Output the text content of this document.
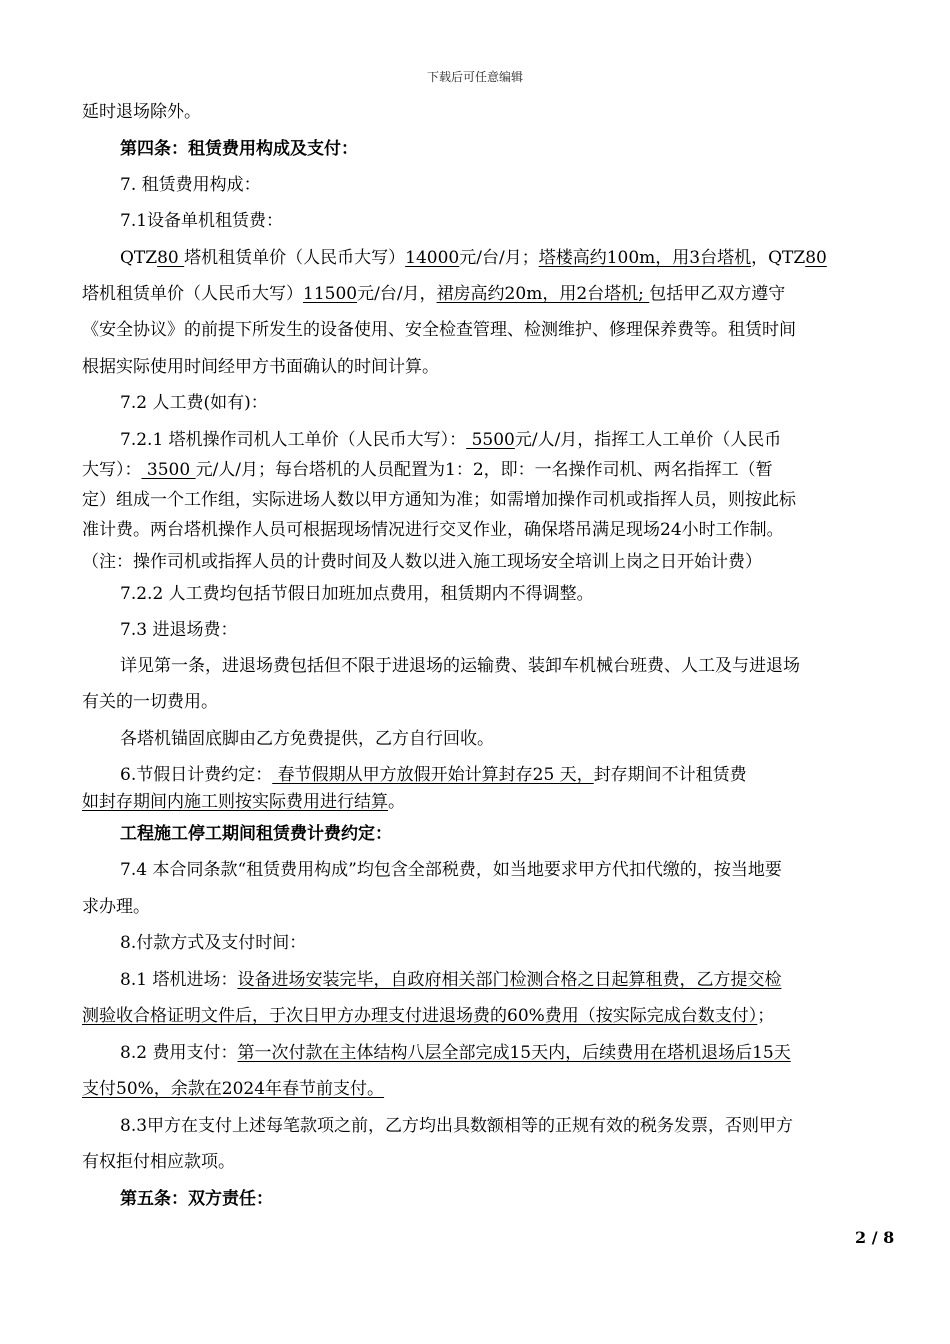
下载后可任意编辑
延时退场除外。
第四条：租赁费用构成及支付：
7. 租赁费用构成：
7.1设备单机租赁费：
QTZ80 塔机租赁单价（人民币大写）14000元/台/月；塔楼高约100m，用3台塔机，QTZ80
塔机租赁单价（人民币大写）11500元/台/月，裙房高约20m，用2台塔机; 包括甲乙双方遵守
《安全协议》的前提下所发生的设备使用、安全检查管理、检测维护、修理保养费等。租赁时间
根据实际使用时间经甲方书面确认的时间计算。
7.2 人工费(如有)：
7.2.1 塔机操作司机人工单价（人民币大写）： 5500元/人/月，指挥工人工单价（人民币
大写）： 3500 元/人/月；每台塔机的人员配置为1：2，即：一名操作司机、两名指挥工（暂
定）组成一个工作组，实际进场人数以甲方通知为准；如需增加操作司机或指挥人员，则按此标
准计费。两台塔机操作人员可根据现场情况进行交叉作业，确保塔吊满足现场24小时工作制。
（注：操作司机或指挥人员的计费时间及人数以进入施工现场安全培训上岗之日开始计费）
7.2.2 人工费均包括节假日加班加点费用，租赁期内不得调整。
7.3 进退场费：
详见第一条，进退场费包括但不限于进退场的运输费、装卸车机械台班费、人工及与进退场
有关的一切费用。
各塔机锚固底脚由乙方免费提供，乙方自行回收。
6.节假日计费约定： 春节假期从甲方放假开始计算封存25 天，封存期间不计租赁费
如封存期间内施工则按实际费用进行结算。
工程施工停工期间租赁费计费约定：
7.4 本合同条款“租赁费用构成”均包含全部税费，如当地要求甲方代扣代缴的，按当地要
求办理。
8.付款方式及支付时间：
8.1 塔机进场：设备进场安装完毕，自政府相关部门检测合格之日起算租费，乙方提交检
测验收合格证明文件后，于次日甲方办理支付进退场费的60%费用（按实际完成台数支付）；
8.2 费用支付：第一次付款在主体结构八层全部完成15天内，后续费用在塔机退场后15天
支付50%，余款在2024年春节前支付。
8.3甲方在支付上述每笔款项之前，乙方均出具数额相等的正规有效的税务发票，否则甲方
有权拒付相应款项。
第五条：双方责任：
2 / 8
